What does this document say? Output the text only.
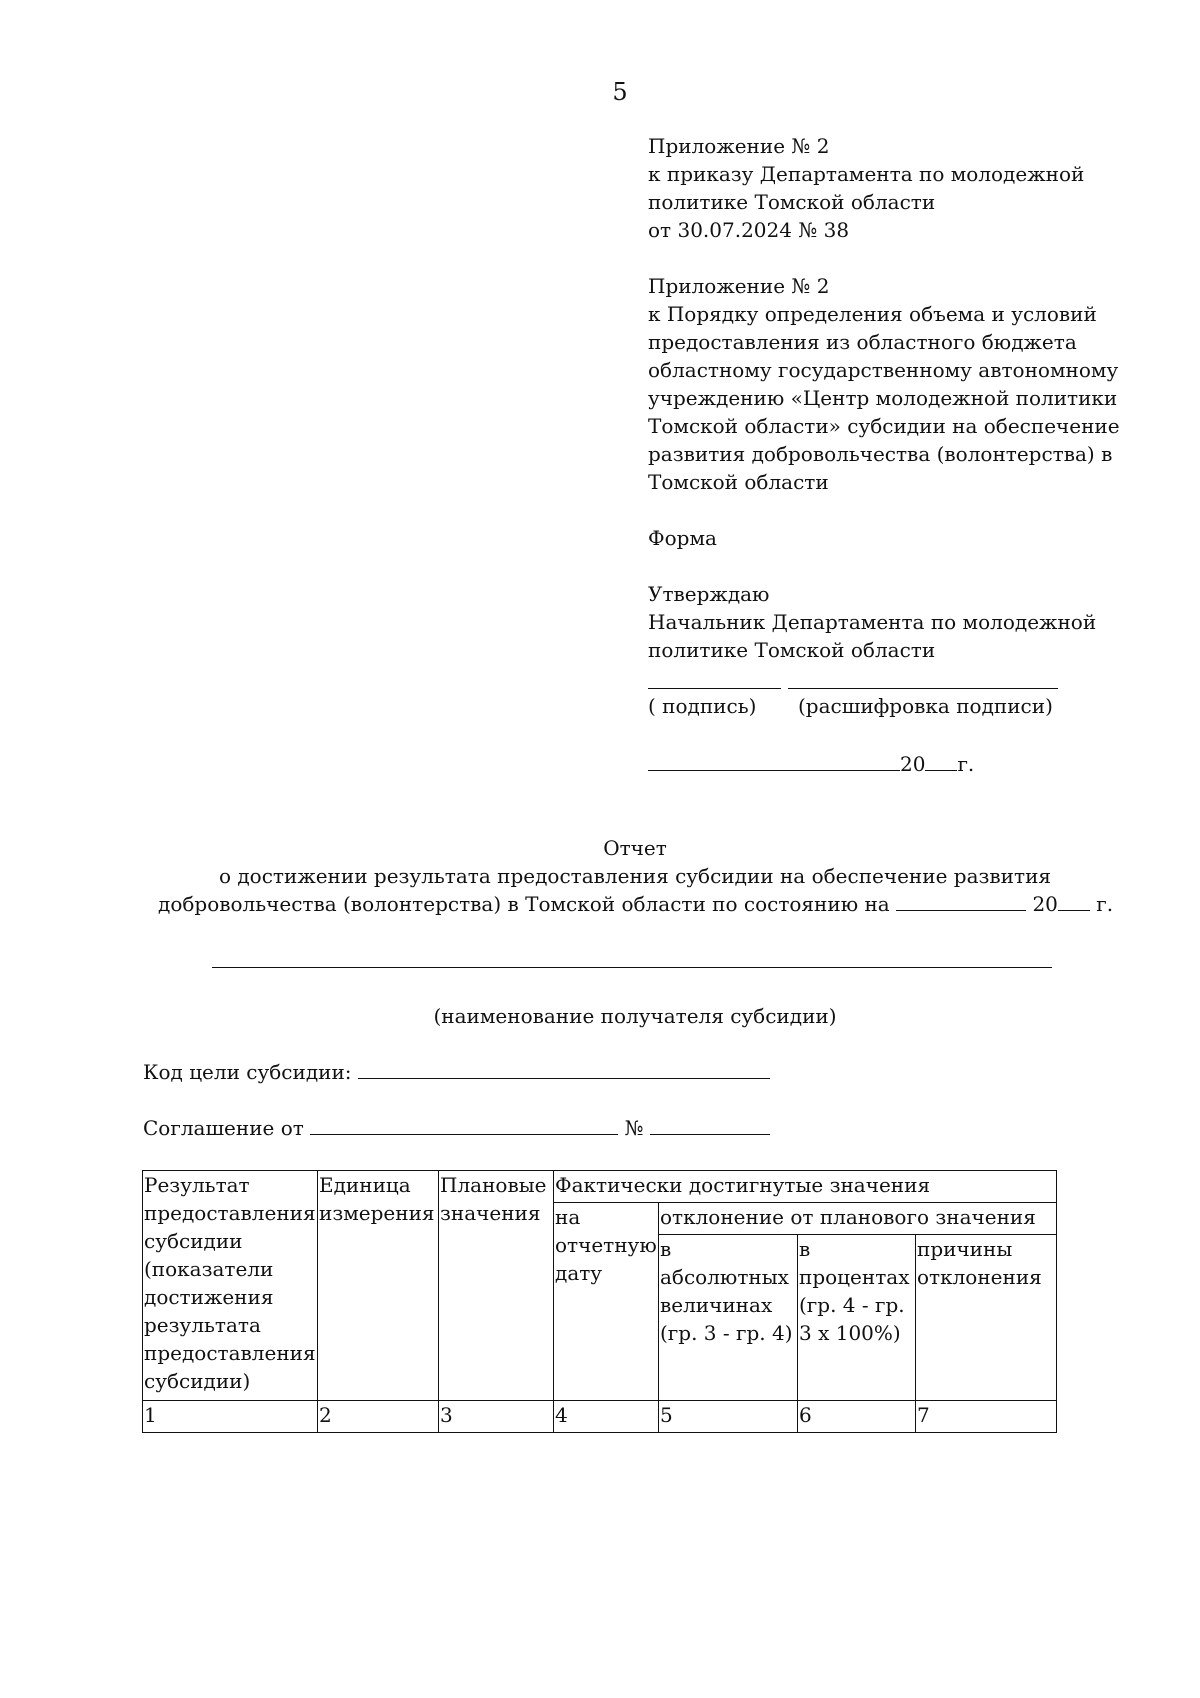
5
Приложение № 2
к приказу Департамента по молодежной
политике Томской области
от 30.07.2024 № 38
Приложение № 2
к Порядку определения объема и условий
предоставления из областного бюджета
областному государственному автономному
учреждению «Центр молодежной политики
Томской области» субсидии на обеспечение
развития добровольчества (волонтерства) в
Томской области
Форма
Утверждаю
Начальник Департамента по молодежной
политике Томской области
( подпись) (расшифровка подписи)
20 г.
Отчет
о достижении результата предоставления субсидии на обеспечение развития
добровольчества (волонтерства) в Томской области по состоянию на	20 г.
(наименование получателя субсидии)
Код цели субсидии:
Соглашение от	№
Результат предоставления субсидии (показатели достижения результата предоставления субсидии)	Единица измерения	Плановые значения	Фактически достигнутые значения			
			на отчетную дату	отклонение от планового значения		
				в абсолютных величинах (гр. 3 - гр. 4)	в процентах (гр. 4 - гр. 3 х 100%)	причины отклонения
1	2	3	4	5	6	7
